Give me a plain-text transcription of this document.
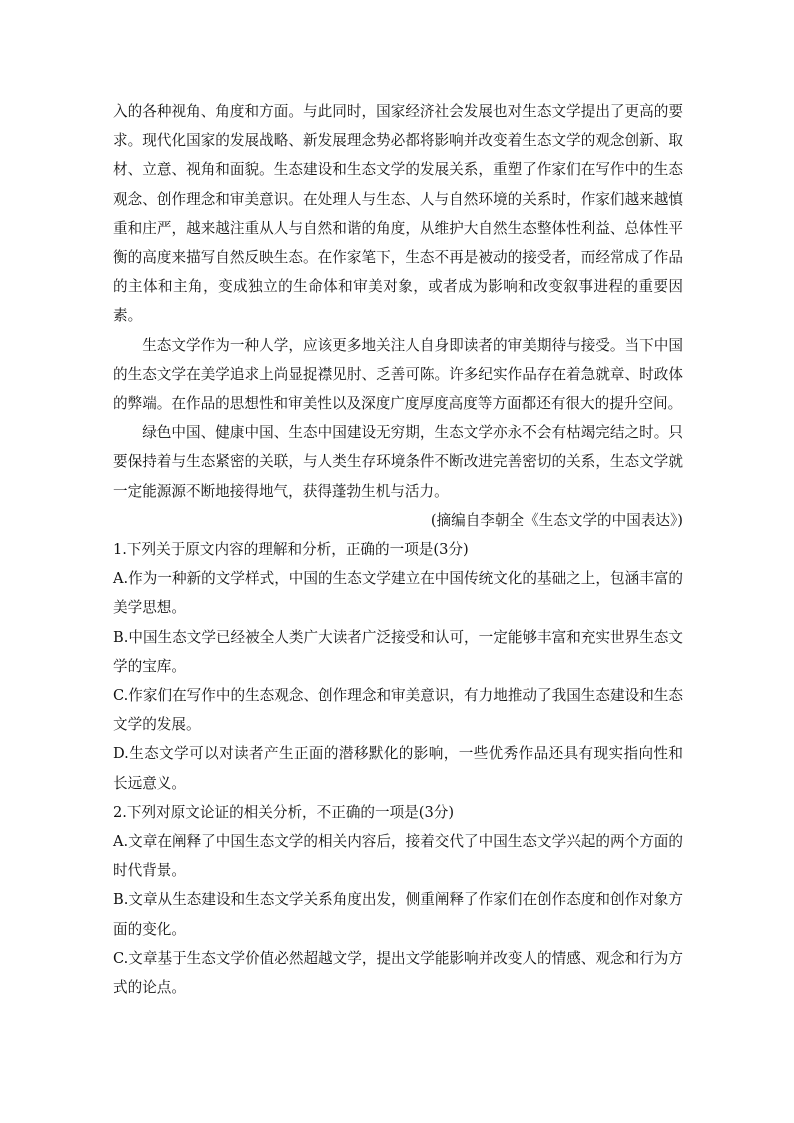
入的各种视角、角度和方面。与此同时，国家经济社会发展也对生态文学提出了更高的要求。现代化国家的发展战略、新发展理念势必都将影响并改变着生态文学的观念创新、取材、立意、视角和面貌。生态建设和生态文学的发展关系，重塑了作家们在写作中的生态观念、创作理念和审美意识。在处理人与生态、人与自然环境的关系时，作家们越来越慎重和庄严，越来越注重从人与自然和谐的角度，从维护大自然生态整体性利益、总体性平衡的高度来描写自然反映生态。在作家笔下，生态不再是被动的接受者，而经常成了作品的主体和主角，变成独立的生命体和审美对象，或者成为影响和改变叙事进程的重要因素。

生态文学作为一种人学，应该更多地关注人自身即读者的审美期待与接受。当下中国的生态文学在美学追求上尚显捉襟见肘、乏善可陈。许多纪实作品存在着急就章、时政体的弊端。在作品的思想性和审美性以及深度广度厚度高度等方面都还有很大的提升空间。

绿色中国、健康中国、生态中国建设无穷期，生态文学亦永不会有枯竭完结之时。只要保持着与生态紧密的关联，与人类生存环境条件不断改进完善密切的关系，生态文学就一定能源源不断地接得地气，获得蓬勃生机与活力。

(摘编自李朝全《生态文学的中国表达》)

1.下列关于原文内容的理解和分析，正确的一项是(3分)

A.作为一种新的文学样式，中国的生态文学建立在中国传统文化的基础之上，包涵丰富的美学思想。

B.中国生态文学已经被全人类广大读者广泛接受和认可，一定能够丰富和充实世界生态文学的宝库。

C.作家们在写作中的生态观念、创作理念和审美意识，有力地推动了我国生态建设和生态文学的发展。

D.生态文学可以对读者产生正面的潜移默化的影响，一些优秀作品还具有现实指向性和长远意义。

2.下列对原文论证的相关分析，不正确的一项是(3分)

A.文章在阐释了中国生态文学的相关内容后，接着交代了中国生态文学兴起的两个方面的时代背景。

B.文章从生态建设和生态文学关系角度出发，侧重阐释了作家们在创作态度和创作对象方面的变化。

C.文章基于生态文学价值必然超越文学，提出文学能影响并改变人的情感、观念和行为方式的论点。
